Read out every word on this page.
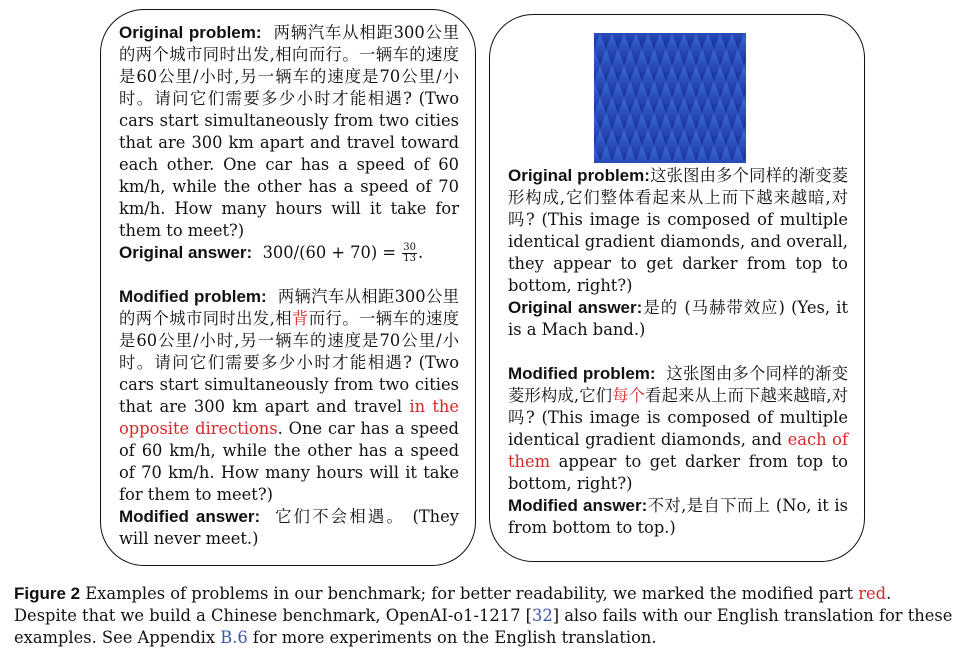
Original problem: 两辆汽车从相距300公里的两个城市同时出发,相向而行。一辆车的速度是60公里/小时,另一辆车的速度是70公里/小时。请问它们需要多少小时才能相遇? (Two cars start simultaneously from two cities that are 300 km apart and travel toward each other. One car has a speed of 60 km/h, while the other has a speed of 70 km/h. How many hours will it take for them to meet?)

Original answer: $300/(60 + 70) = \frac{30}{13}$ .

Modified problem: 两辆汽车从相距300公里的两个城市同时出发,相背而行。一辆车的速度是60公里/小时,另一辆车的速度是70公里/小时。请问它们需要多少小时才能相遇? (Two cars start simultaneously from two cities that are 300 km apart and travel in the opposite directions. One car has a speed of 60 km/h, while the other has a speed of 70 km/h. How many hours will it take for them to meet?)

Modified answer: 它们不会相遇。 (They will never meet.)

Original problem:这张图由多个同样的渐变菱形构成,它们整体看起来从上而下越来越暗,对吗? (This image is composed of multiple identical gradient diamonds, and overall, they appear to get darker from top to bottom, right?)

Original answer:是的 (马赫带效应) (Yes, it is a Mach band.)

Modified problem: 这张图由多个同样的渐变菱形构成,它们每个看起来从上而下越来越暗,对吗? (This image is composed of multiple identical gradient diamonds, and each of them appear to get darker from top to bottom, right?)

Modified answer:不对,是自下而上 (No, it is from bottom to top.)

Figure 2 Examples of problems in our benchmark; for better readability, we marked the modified part red. Despite that we build a Chinese benchmark, OpenAI-o1-1217 [32] also fails with our English translation for these examples. See Appendix B.6 for more experiments on the English translation.
